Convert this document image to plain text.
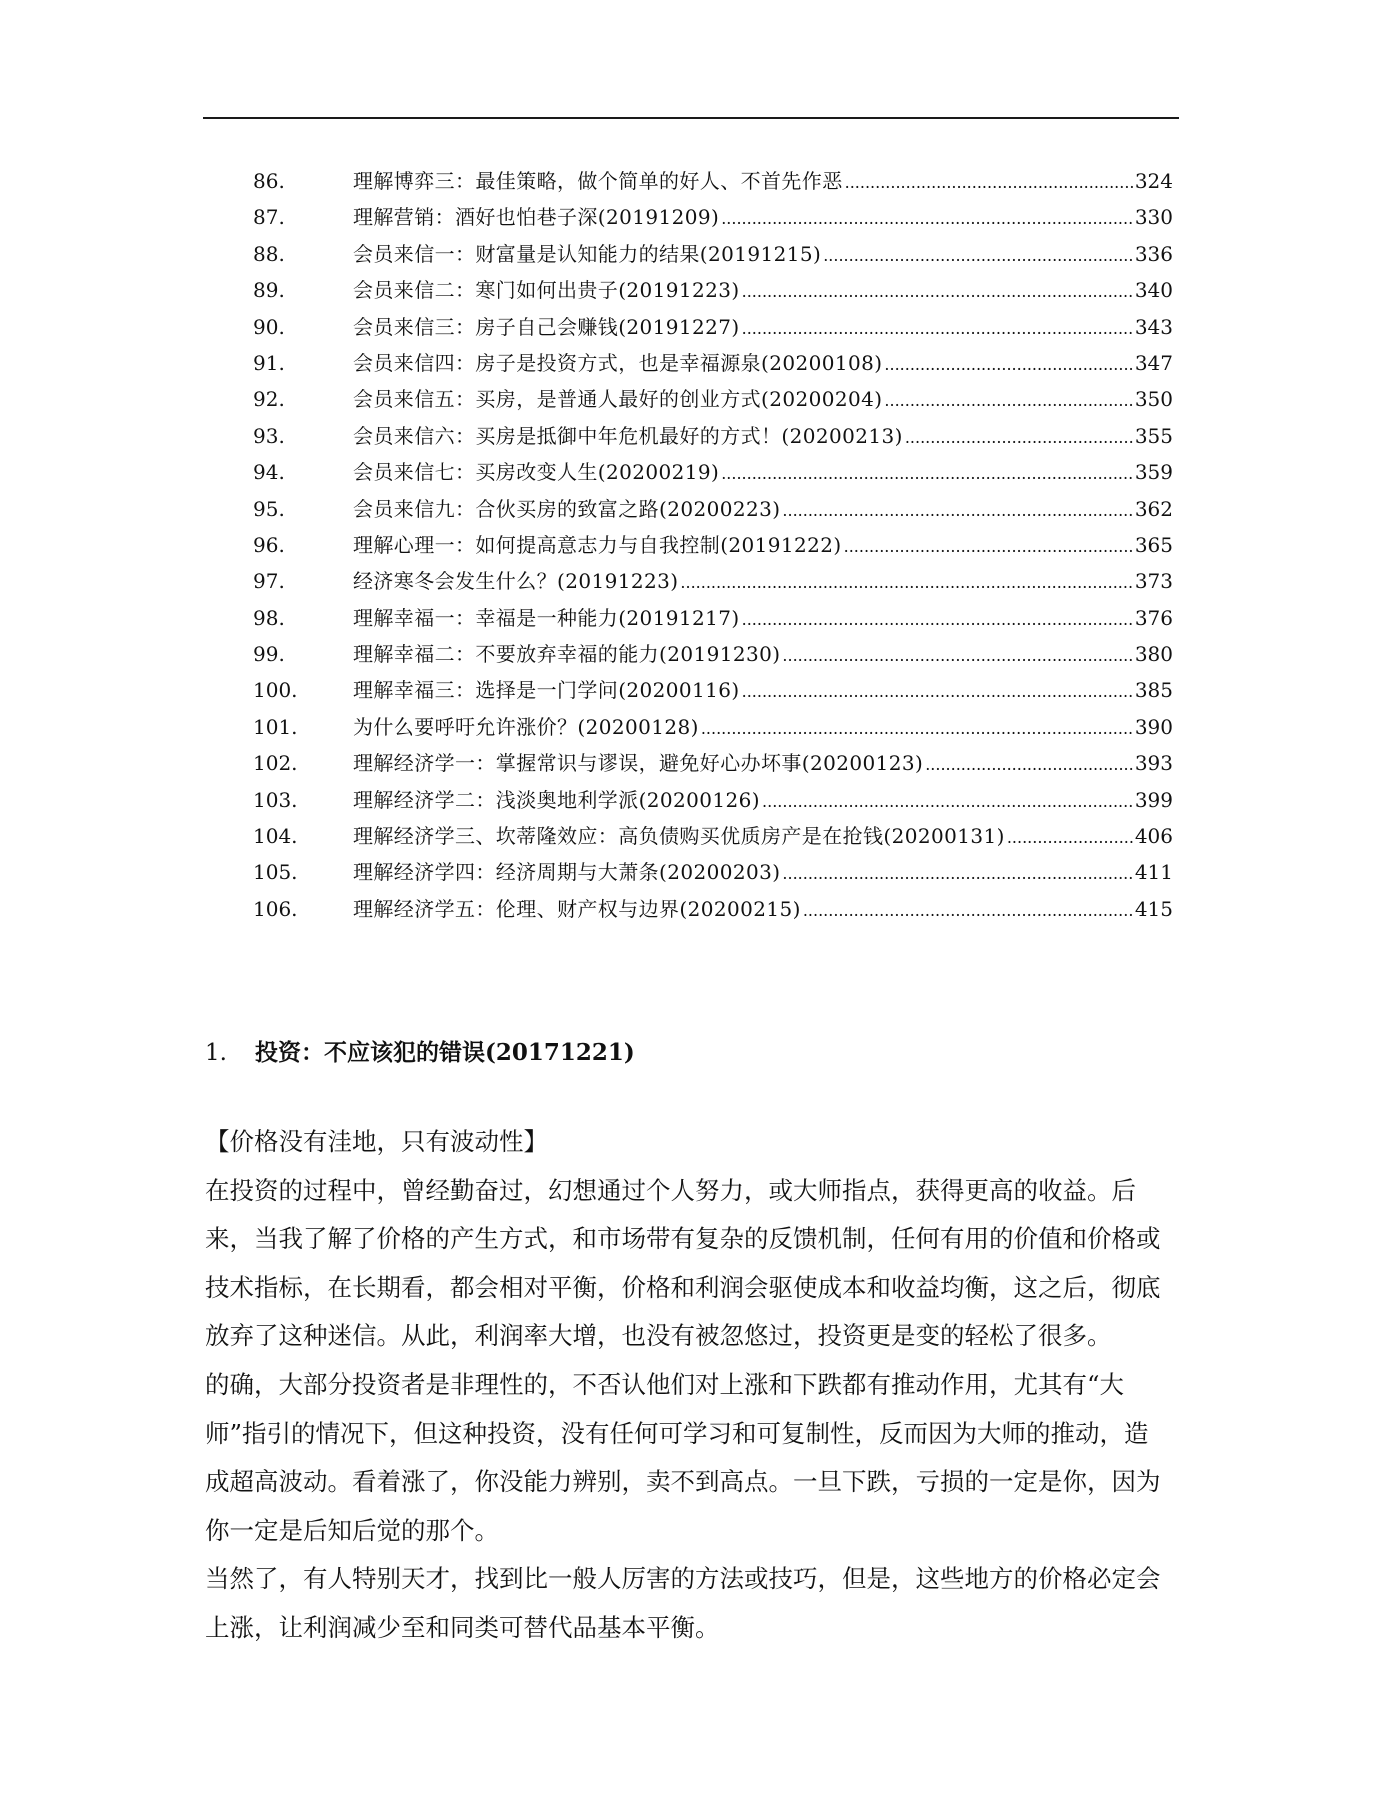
86.	理解博弈三：最佳策略，做个简单的好人、不首先作恶 .....	324
87.	理解营销：酒好也怕巷子深(20191209) .....	330
88.	会员来信一：财富量是认知能力的结果(20191215) .....	336
89.	会员来信二：寒门如何出贵子(20191223) .....	340
90.	会员来信三：房子自己会赚钱(20191227) .....	343
91.	会员来信四：房子是投资方式，也是幸福源泉(20200108) .....	347
92.	会员来信五：买房，是普通人最好的创业方式(20200204) .....	350
93.	会员来信六：买房是抵御中年危机最好的方式！(20200213) .....	355
94.	会员来信七：买房改变人生(20200219) .....	359
95.	会员来信九：合伙买房的致富之路(20200223) .....	362
96.	理解心理一：如何提高意志力与自我控制(20191222) .....	365
97.	经济寒冬会发生什么？(20191223) .....	373
98.	理解幸福一：幸福是一种能力(20191217) .....	376
99.	理解幸福二：不要放弃幸福的能力(20191230) .....	380
100.	理解幸福三：选择是一门学问(20200116) .....	385
101.	为什么要呼吁允许涨价？(20200128) .....	390
102.	理解经济学一：掌握常识与谬误，避免好心办坏事(20200123) .....	393
103.	理解经济学二：浅淡奥地利学派(20200126) .....	399
104.	理解经济学三、坎蒂隆效应：高负债购买优质房产是在抢钱(20200131) .....	406
105.	理解经济学四：经济周期与大萧条(20200203) .....	411
106.	理解经济学五：伦理、财产权与边界(20200215) .....	415
1. 投资：不应该犯的错误(20171221)

【价格没有洼地，只有波动性】

在投资的过程中，曾经勤奋过，幻想通过个人努力，或大师指点，获得更高的收益。后来，当我了解了价格的产生方式，和市场带有复杂的反馈机制，任何有用的价值和价格或技术指标，在长期看，都会相对平衡，价格和利润会驱使成本和收益均衡，这之后，彻底放弃了这种迷信。从此，利润率大增，也没有被忽悠过，投资更是变的轻松了很多。

的确，大部分投资者是非理性的，不否认他们对上涨和下跌都有推动作用，尤其有“大师”指引的情况下，但这种投资，没有任何可学习和可复制性，反而因为大师的推动，造成超高波动。看着涨了，你没能力辨别，卖不到高点。一旦下跌，亏损的一定是你，因为你一定是后知后觉的那个。

当然了，有人特别天才，找到比一般人厉害的方法或技巧，但是，这些地方的价格必定会上涨，让利润减少至和同类可替代品基本平衡。
